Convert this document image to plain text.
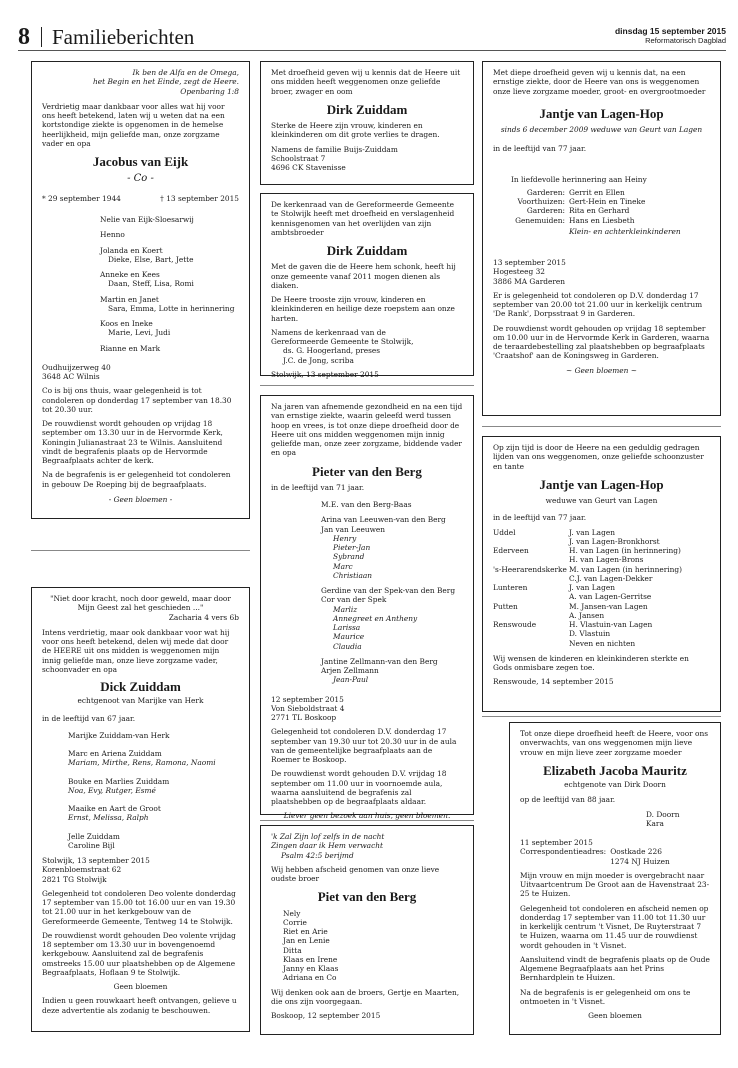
8 Familieberichten	dinsdag 15 september 2015
Reformatorisch Dagblad
Ik ben de Alfa en de Omega,
het Begin en het Einde, zegt de Heere.
Openbaring 1:8

Verdrietig maar dankbaar voor alles wat hij voor ons heeft betekend, laten wij u weten dat na een kortstondige ziekte is opgenomen in de hemelse heerlijkheid, mijn geliefde man, onze zorgzame vader en opa

Jacobus van Eijk
- Co -
* 29 september 1944	† 13 september 2015
Nelie van Eijk-Sloesarwij
Henno
Jolanda en Koert
Dieke, Else, Bart, Jette
Anneke en Kees
Daan, Steff, Lisa, Romi
Martin en Janet
Sara, Emma, Lotte in herinnering
Koos en Ineke
Marie, Levi, Judi
Rianne en Mark

Oudhuijzerweg 40
3648 AC Wilnis

Co is bij ons thuis, waar gelegenheid is tot condoleren op donderdag 17 september van 18.30 tot 20.30 uur.

De rouwdienst wordt gehouden op vrijdag 18 september om 13.30 uur in de Hervormde Kerk, Koningin Julianastraat 23 te Wilnis. Aansluitend vindt de begrafenis plaats op de Hervormde Begraafplaats achter de kerk.

Na de begrafenis is er gelegenheid tot condoleren in gebouw De Roeping bij de begraafplaats.

- Geen bloemen -

Met droefheid geven wij u kennis dat de Heere uit ons midden heeft weggenomen onze geliefde broer, zwager en oom

Dirk Zuiddam

Sterke de Heere zijn vrouw, kinderen en kleinkinderen om dit grote verlies te dragen.

Namens de familie Buijs-Zuiddam
Schoolstraat 7
4696 CK Stavenisse

De kerkenraad van de Gereformeerde Gemeente te Stolwijk heeft met droefheid en verslagenheid kennisgenomen van het overlijden van zijn ambtsbroeder

Dirk Zuiddam

Met de gaven die de Heere hem schonk, heeft hij onze gemeente vanaf 2011 mogen dienen als diaken.

De Heere trooste zijn vrouw, kinderen en kleinkinderen en heilige deze roepstem aan onze harten.

Namens de kerkenraad van de
Gereformeerde Gemeente te Stolwijk,
ds. G. Hoogerland, preses
J.C. de Jong, scriba
Stolwijk, 13 september 2015

Met diepe droefheid geven wij u kennis dat, na een ernstige ziekte, door de Heere van ons is weggenomen onze lieve zorgzame moeder, groot- en overgrootmoeder

Jantje van Lagen-Hop
sinds 6 december 2009 weduwe van Geurt van Lagen

in de leeftijd van 77 jaar.

In liefdevolle herinnering aan Heiny
Garderen: Gerrit en Ellen
Voorthuizen: Gert-Hein en Tineke
Garderen: Rita en Gerhard
Genemuiden: Hans en Liesbeth
Klein- en achterkleinkinderen

13 september 2015
Hogesteeg 32
3886 MA Garderen

Er is gelegenheid tot condoleren op D.V. donderdag 17 september van 20.00 tot 21.00 uur in kerkelijk centrum 'De Rank', Dorpsstraat 9 in Garderen.

De rouwdienst wordt gehouden op vrijdag 18 september om 10.00 uur in de Hervormde Kerk in Garderen, waarna de teraardebestelling zal plaatshebben op begraafplaats 'Craatshof' aan de Koningsweg in Garderen.

~ Geen bloemen ~

Na jaren van afnemende gezondheid en na een tijd van ernstige ziekte, waarin geleefd werd tussen hoop en vrees, is tot onze diepe droefheid door de Heere uit ons midden weggenomen mijn innig geliefde man, onze zeer zorgzame, biddende vader en opa

Pieter van den Berg

in de leeftijd van 71 jaar.

M.E. van den Berg-Baas
Arina van Leeuwen-van den Berg
Jan van Leeuwen
Henry
Pieter-Jan
Sybrand
Marc
Christiaan
Gerdine van der Spek-van den Berg
Cor van der Spek
Marliz
Annegreet en Antheny
Larissa
Maurice
Claudia
Jantine Zellmann-van den Berg
Arjen Zellmann
Jean-Paul

12 september 2015
Von Sieboldstraat 4
2771 TL Boskoop

Gelegenheid tot condoleren D.V. donderdag 17 september van 19.30 uur tot 20.30 uur in de aula van de gemeentelijke begraafplaats aan de Roemer te Boskoop.

De rouwdienst wordt gehouden D.V. vrijdag 18 september om 11.00 uur in voornoemde aula, waarna aansluitend de begrafenis zal plaatshebben op de begraafplaats aldaar.

Liever geen bezoek aan huis, geen bloemen.

Op zijn tijd is door de Heere na een geduldig gedragen lijden van ons weggenomen, onze geliefde schoonzuster en tante

Jantje van Lagen-Hop
weduwe van Geurt van Lagen

in de leeftijd van 77 jaar.

Uddel	J. van Lagen
J. van Lagen-Bronkhorst
Ederveen	H. van Lagen (in herinnering)
H. van Lagen-Brons
's-Heerarendskerke M. van Lagen (in herinnering)
C.J. van Lagen-Dekker
Lunteren	J. van Lagen
A. van Lagen-Gerritse
Putten	M. Jansen-van Lagen
A. Jansen
Renswoude	H. Vlastuin-van Lagen
D. Vlastuin
Neven en nichten

Wij wensen de kinderen en kleinkinderen sterkte en Gods onmisbare zegen toe.

Renswoude, 14 september 2015
"Niet door kracht, noch door geweld, maar door Mijn Geest zal het geschieden ..."
Zacharia 4 vers 6b

Intens verdrietig, maar ook dankbaar voor wat hij voor ons heeft betekend, delen wij mede dat door de HEERE uit ons midden is weggenomen mijn innig geliefde man, onze lieve zorgzame vader, schoonvader en opa

Dick Zuiddam
echtgenoot van Marijke van Herk

in de leeftijd van 67 jaar.

Marijke Zuiddam-van Herk
Marc en Ariena Zuiddam
Mariam, Mirthe, Rens, Ramona, Naomi
Bouke en Marlies Zuiddam
Noa, Evy, Rutger, Esmé
Maaike en Aart de Groot
Ernst, Melissa, Ralph
Jelle Zuiddam
Caroline Bijl

Stolwijk, 13 september 2015
Korenbloemstraat 62
2821 TG Stolwijk

Gelegenheid tot condoleren Deo volente donderdag 17 september van 15.00 tot 16.00 uur en van 19.30 tot 21.00 uur in het kerkgebouw van de Gereformeerde Gemeente, Tentweg 14 te Stolwijk.

De rouwdienst wordt gehouden Deo volente vrijdag 18 september om 13.30 uur in bovengenoemd kerkgebouw. Aansluitend zal de begrafenis omstreeks 15.00 uur plaatshebben op de Algemene Begraafplaats, Hoflaan 9 te Stolwijk.

Geen bloemen

Indien u geen rouwkaart heeft ontvangen, gelieve u deze advertentie als zodanig te beschouwen.

'k Zal Zijn lof zelfs in de nacht
Zingen daar ik Hem verwacht
Psalm 42:5 berijmd

Wij hebben afscheid genomen van onze lieve oudste broer

Piet van den Berg
Nely
Corrie
Riet en Arie
Jan en Lenie
Ditta
Klaas en Irene
Janny en Klaas
Adriana en Co

Wij denken ook aan de broers, Gertje en Maarten, die ons zijn voorgegaan.

Boskoop, 12 september 2015

Tot onze diepe droefheid heeft de Heere, voor ons onverwachts, van ons weggenomen mijn lieve vrouw en mijn lieve zeer zorgzame moeder

Elizabeth Jacoba Mauritz
echtgenote van Dirk Doorn

op de leeftijd van 88 jaar.

D. Doorn
Kara
11 september 2015
Correspondentieadres: Oostkade 226
1274 NJ Huizen

Mijn vrouw en mijn moeder is overgebracht naar Uitvaartcentrum De Groot aan de Havenstraat 23-25 te Huizen.

Gelegenheid tot condoleren en afscheid nemen op donderdag 17 september van 11.00 tot 11.30 uur in kerkelijk centrum 't Visnet, De Ruyterstraat 7 te Huizen, waarna om 11.45 uur de rouwdienst wordt gehouden in 't Visnet.

Aansluitend vindt de begrafenis plaats op de Oude Algemene Begraafplaats aan het Prins Bernhardplein te Huizen.

Na de begrafenis is er gelegenheid om ons te ontmoeten in 't Visnet.

Geen bloemen
